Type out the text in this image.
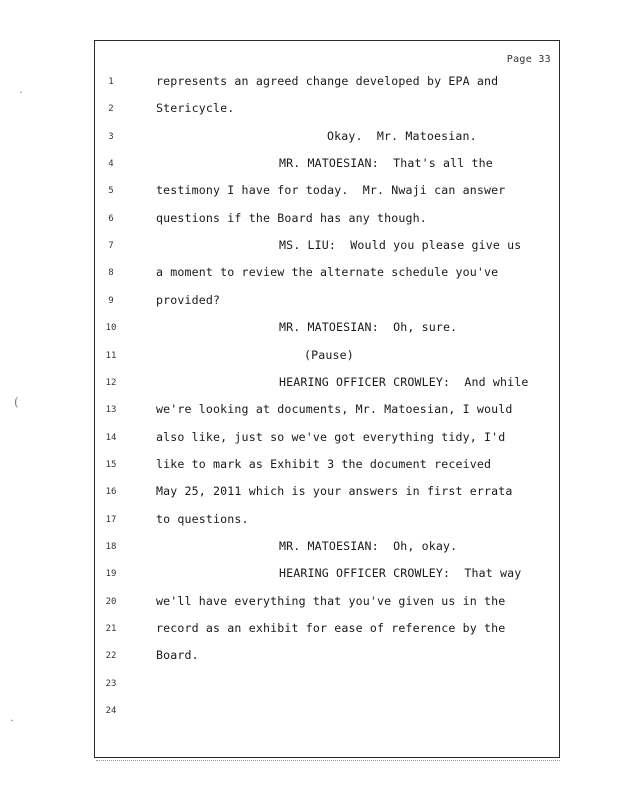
Page 33
1	represents an agreed change developed by EPA and
2	Stericycle.
3	Okay.  Mr. Matoesian.
4	MR. MATOESIAN:  That's all the
5	testimony I have for today.  Mr. Nwaji can answer
6	questions if the Board has any though.
7	MS. LIU:  Would you please give us
8	a moment to review the alternate schedule you've
9	provided?
10	MR. MATOESIAN:  Oh, sure.
11	(Pause)
12	HEARING OFFICER CROWLEY:  And while
13	we're looking at documents, Mr. Matoesian, I would
14	also like, just so we've got everything tidy, I'd
15	like to mark as Exhibit 3 the document received
16	May 25, 2011 which is your answers in first errata
17	to questions.
18	MR. MATOESIAN:  Oh, okay.
19	HEARING OFFICER CROWLEY:  That way
20	we'll have everything that you've given us in the
21	record as an exhibit for ease of reference by the
22	Board.
23
24
˙
(
ˎ
